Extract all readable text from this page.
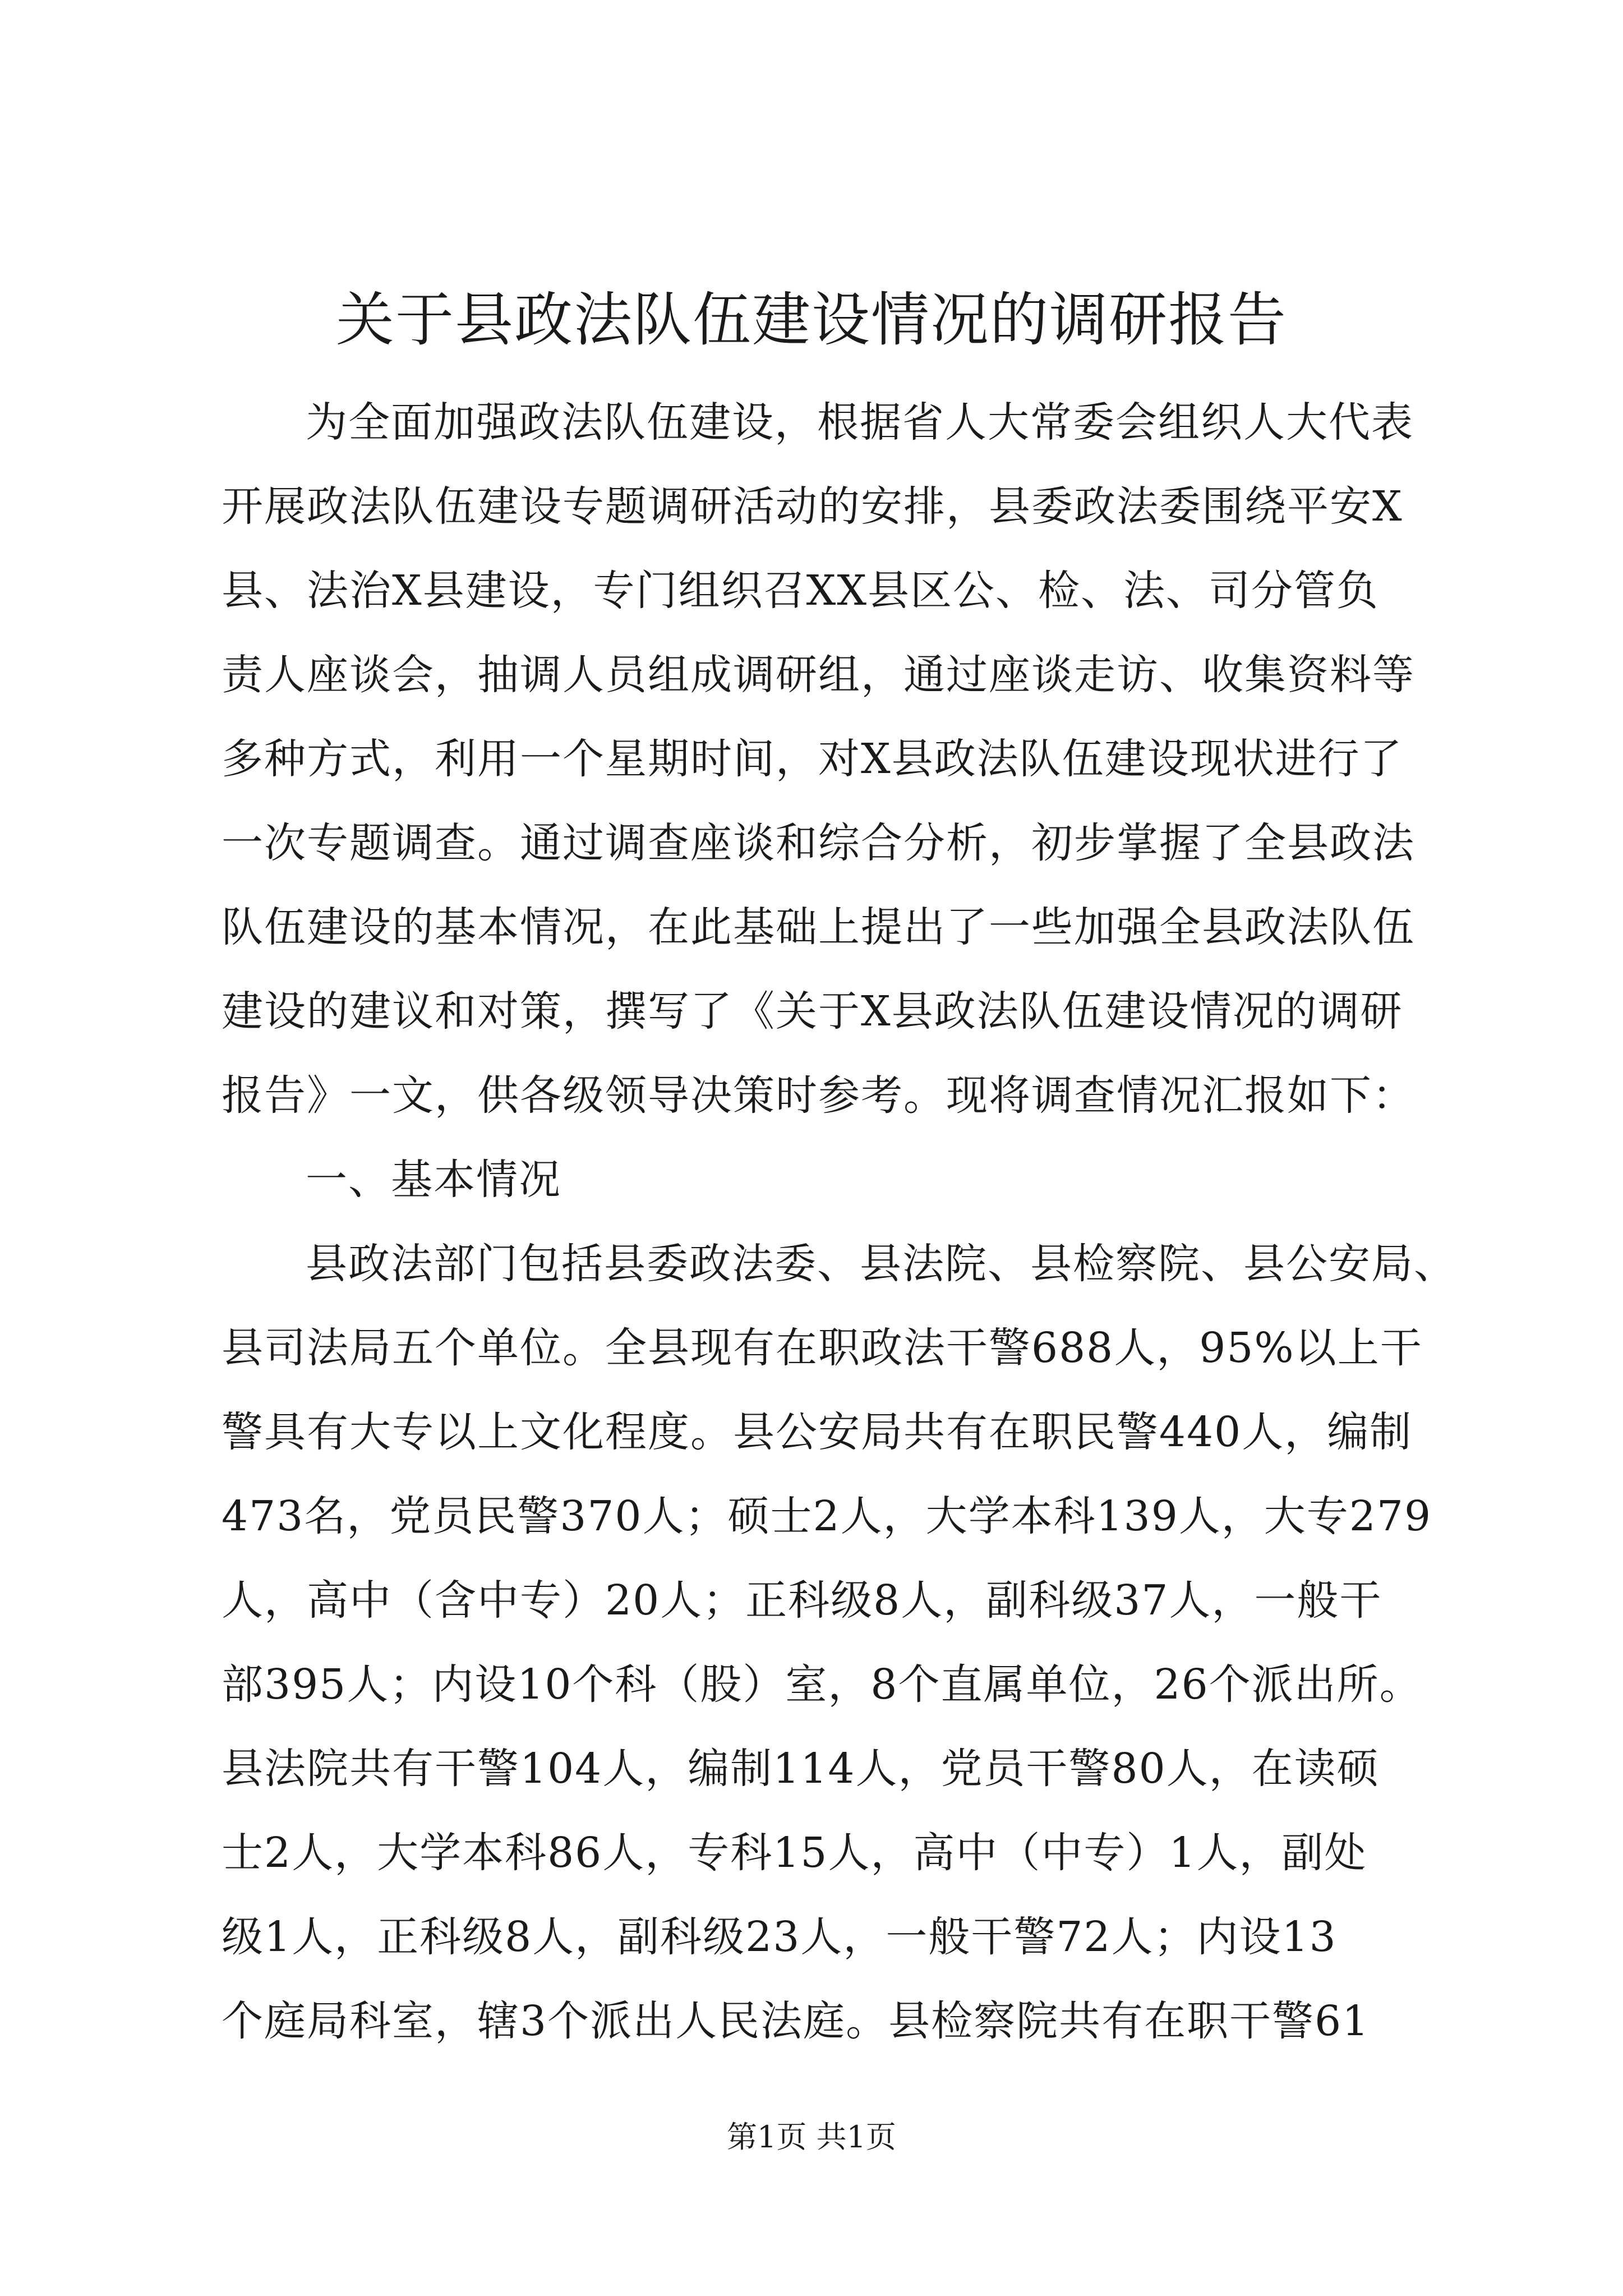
关于县政法队伍建设情况的调研报告
为全面加强政法队伍建设，根据省人大常委会组织人大代表
开展政法队伍建设专题调研活动的安排，县委政法委围绕平安X
县、法治X县建设，专门组织召XX县区公、检、法、司分管负
责人座谈会，抽调人员组成调研组，通过座谈走访、收集资料等
多种方式，利用一个星期时间，对X县政法队伍建设现状进行了
一次专题调查。通过调查座谈和综合分析，初步掌握了全县政法
队伍建设的基本情况，在此基础上提出了一些加强全县政法队伍
建设的建议和对策，撰写了《关于X县政法队伍建设情况的调研
报告》一文，供各级领导决策时参考。现将调查情况汇报如下：
一、基本情况
县政法部门包括县委政法委、县法院、县检察院、县公安局、
县司法局五个单位。全县现有在职政法干警688人，95%以上干
警具有大专以上文化程度。县公安局共有在职民警440人，编制
473名，党员民警370人；硕士2人，大学本科139人，大专279
人，高中（含中专）20人；正科级8人，副科级37人，一般干
部395人；内设10个科（股）室，8个直属单位，26个派出所。
县法院共有干警104人，编制114人，党员干警80人，在读硕
士2人，大学本科86人，专科15人，高中（中专）1人，副处
级1人，正科级8人，副科级23人，一般干警72人；内设13
个庭局科室，辖3个派出人民法庭。县检察院共有在职干警61
第1页 共1页
